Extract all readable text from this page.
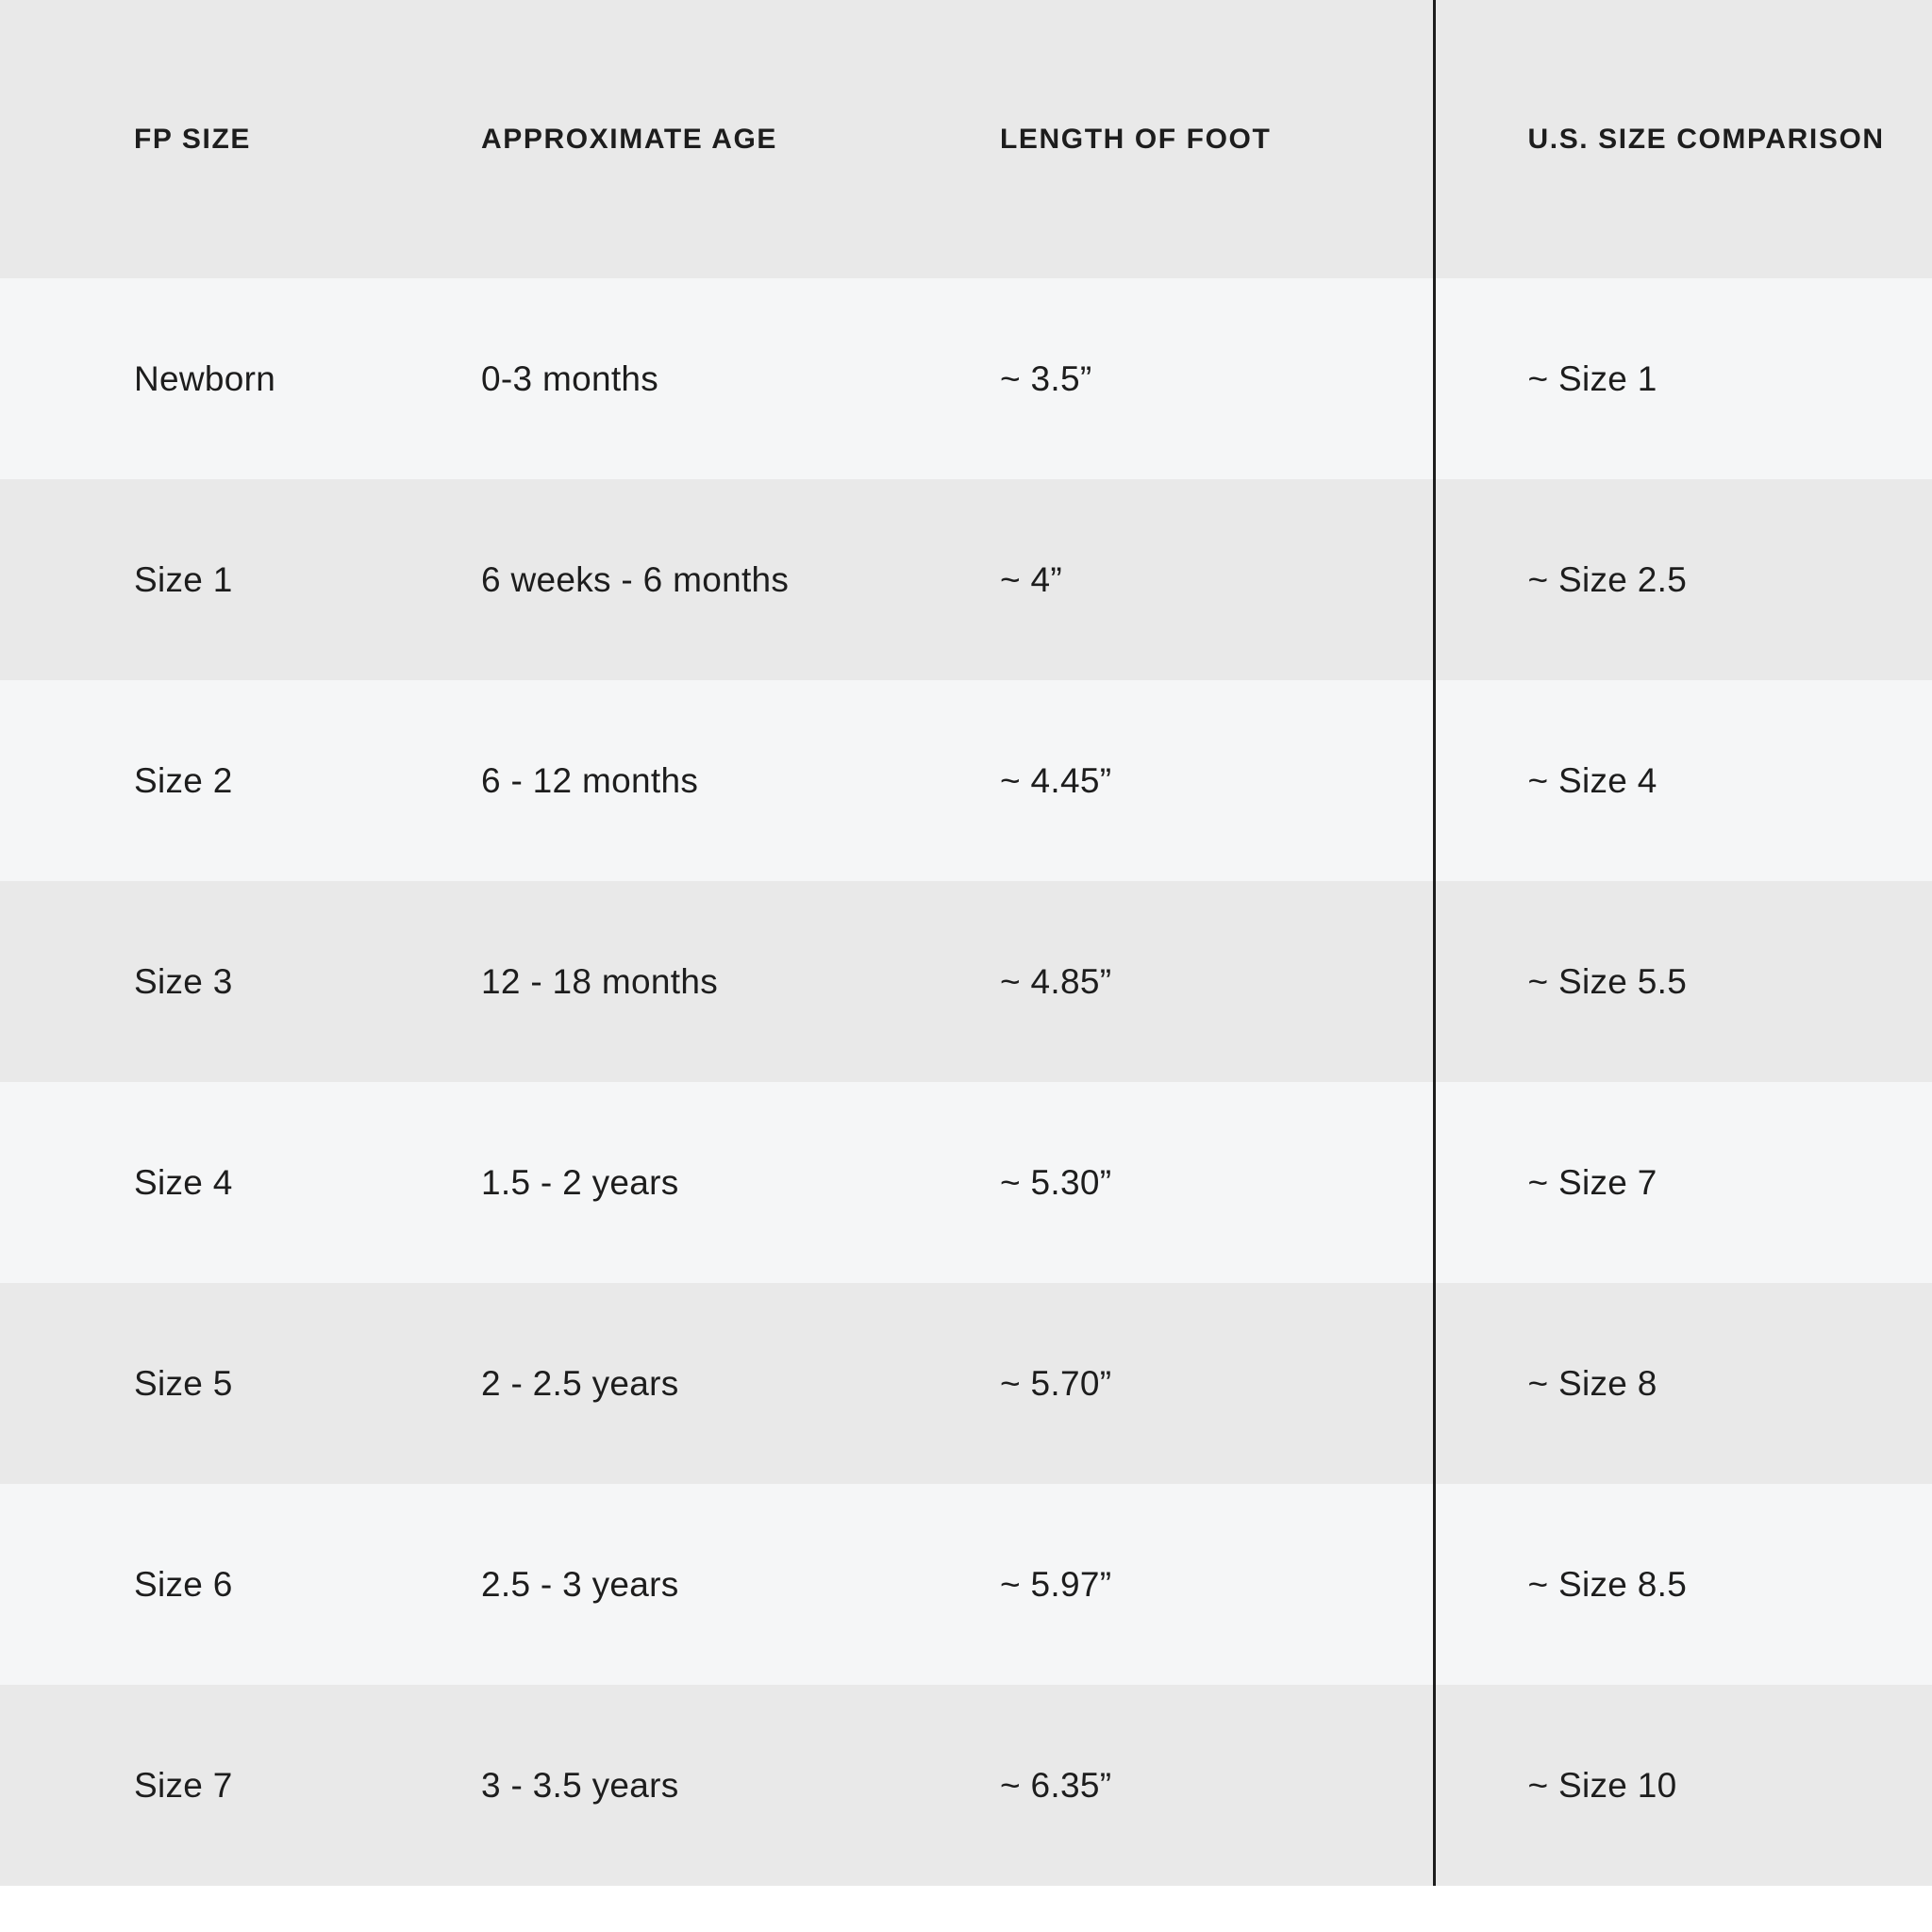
FP SIZE	APPROXIMATE AGE	LENGTH OF FOOT	U.S. SIZE COMPARISON
Newborn	0-3 months	~ 3.5”	~ Size 1
Size 1	6 weeks - 6 months	~ 4”	~ Size 2.5
Size 2	6 - 12 months	~ 4.45”	~ Size 4
Size 3	12 - 18 months	~ 4.85”	~ Size 5.5
Size 4	1.5 - 2 years	~ 5.30”	~ Size 7
Size 5	2 - 2.5 years	~ 5.70”	~ Size 8
Size 6	2.5 - 3 years	~ 5.97”	~ Size 8.5
Size 7	3 - 3.5 years	~ 6.35”	~ Size 10
